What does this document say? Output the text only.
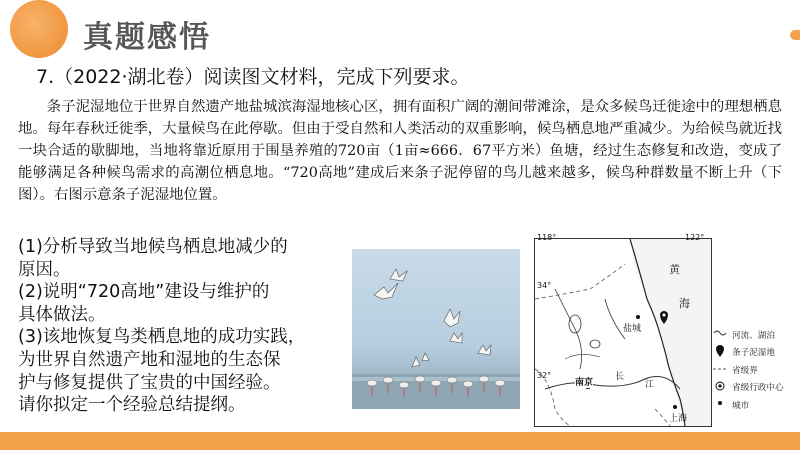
真题感悟
7.（2022·湖北卷）阅读图文材料，完成下列要求。

条子泥湿地位于世界自然遗产地盐城滨海湿地核心区，拥有面积广阔的潮间带滩涂，是众多候鸟迁徙途中的理想栖息地。每年春秋迁徙季，大量候鸟在此停歇。但由于受自然和人类活动的双重影响，候鸟栖息地严重减少。为给候鸟就近找一块合适的歇脚地，当地将靠近原用于围垦养殖的720亩（1亩≈666．67平方米）鱼塘，经过生态修复和改造，变成了能够满足各种候鸟需求的高潮位栖息地。“720高地”建成后来条子泥停留的鸟儿越来越多，候鸟种群数量不断上升（下图）。右图示意条子泥湿地位置。

(1)分析导致当地候鸟栖息地减少的
原因。
(2)说明“720高地”建设与维护的
具体做法。
(3)该地恢复鸟类栖息地的成功实践，
为世界自然遗产地和湿地的生态保
护与修复提供了宝贵的中国经验。
请你拟定一个经验总结提纲。
118°	122°
34°
32°
黄
海
盐城
南京
上海
长
江
河流、湖泊
条子泥湿地
省级界
省级行政中心
城市
